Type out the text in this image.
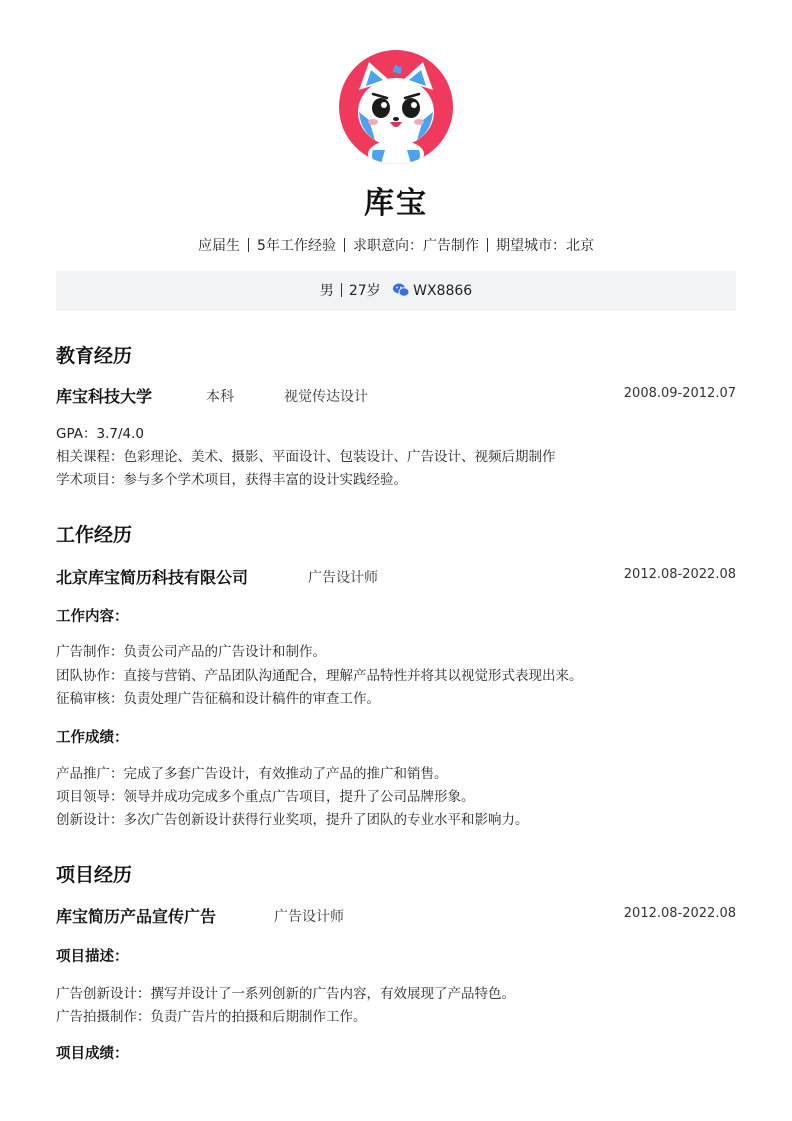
库宝
应届生 5年工作经验 求职意向：广告制作 期望城市：北京
男 27岁 WX8866
教育经历
库宝科技大学	本科	视觉传达设计	2008.09-2012.07
GPA：3.7/4.0
相关课程：色彩理论、美术、摄影、平面设计、包装设计、广告设计、视频后期制作
学术项目：参与多个学术项目，获得丰富的设计实践经验。
工作经历
北京库宝简历科技有限公司	广告设计师	2012.08-2022.08
工作内容：
广告制作：负责公司产品的广告设计和制作。
团队协作：直接与营销、产品团队沟通配合，理解产品特性并将其以视觉形式表现出来。
征稿审核：负责处理广告征稿和设计稿件的审查工作。
工作成绩：
产品推广：完成了多套广告设计，有效推动了产品的推广和销售。
项目领导：领导并成功完成多个重点广告项目，提升了公司品牌形象。
创新设计：多次广告创新设计获得行业奖项，提升了团队的专业水平和影响力。
项目经历
库宝简历产品宣传广告	广告设计师	2012.08-2022.08
项目描述：
广告创新设计：撰写并设计了一系列创新的广告内容，有效展现了产品特色。
广告拍摄制作：负责广告片的拍摄和后期制作工作。
项目成绩：
